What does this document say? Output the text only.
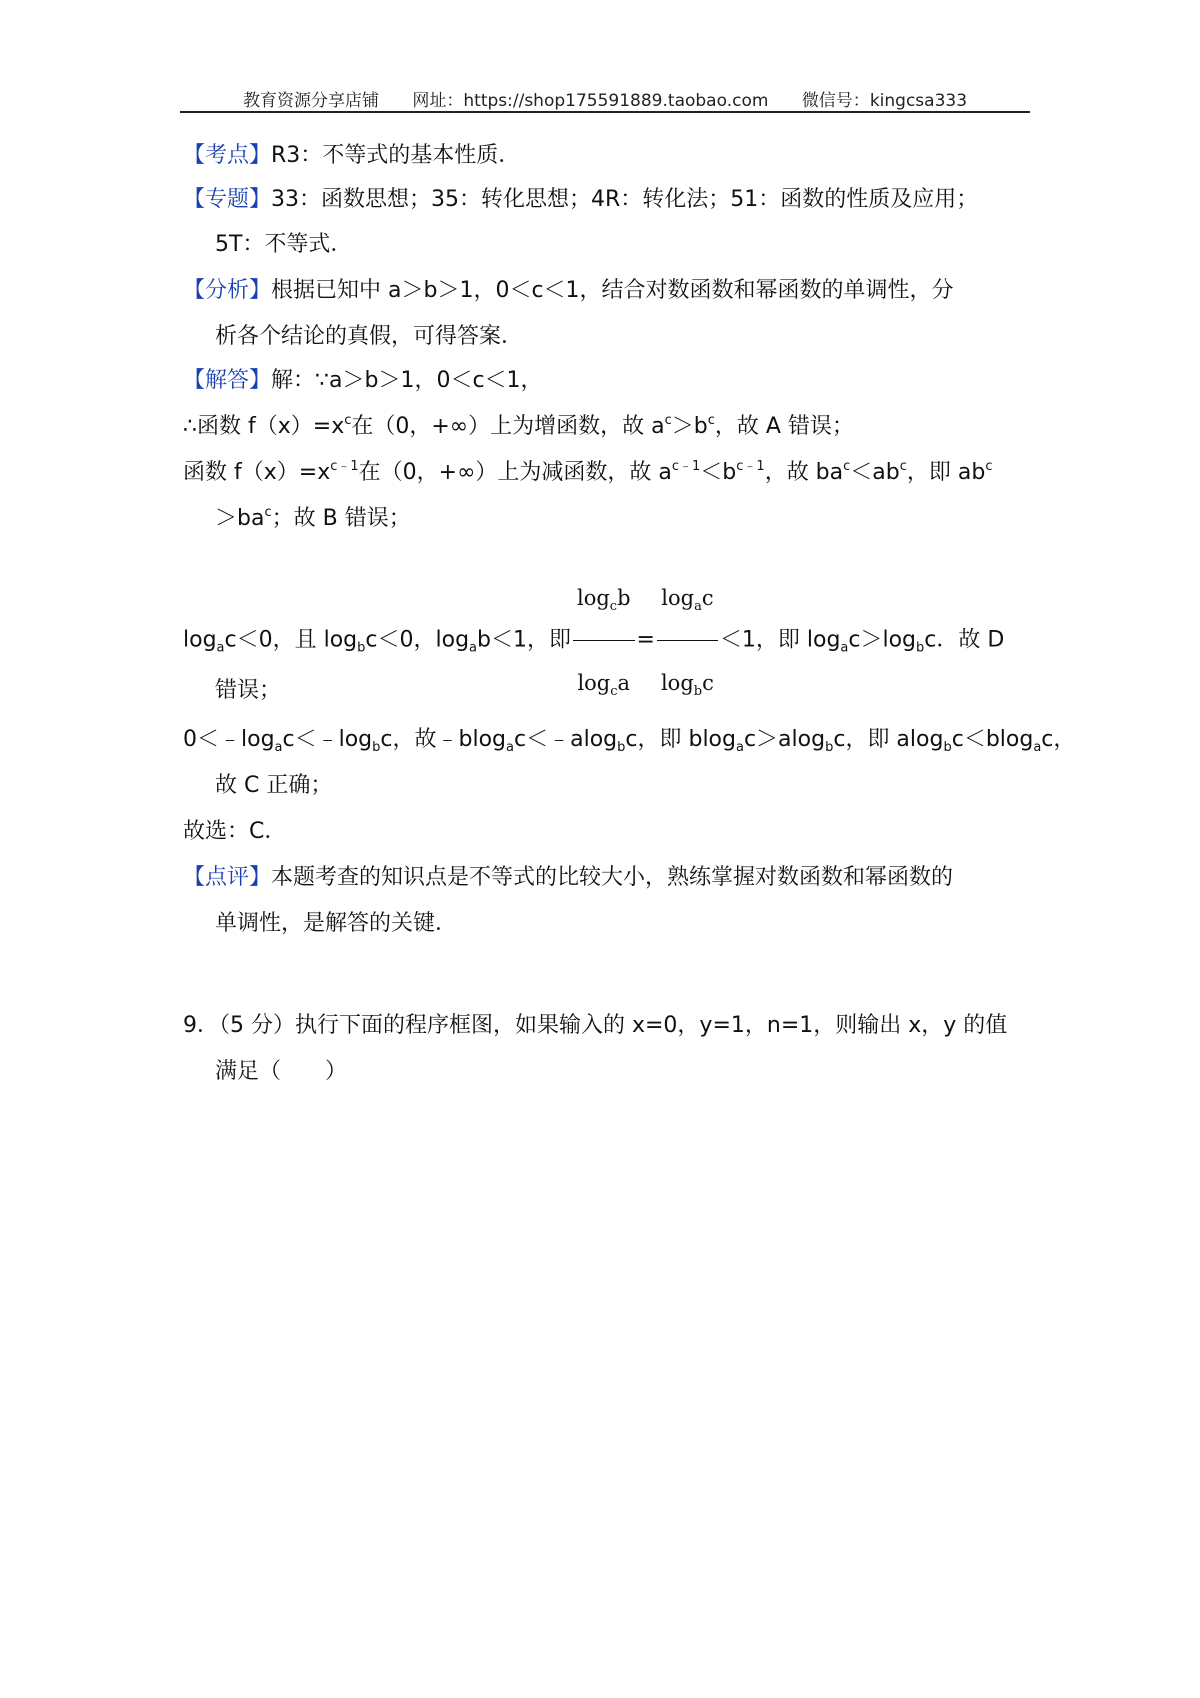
教育资源分享店铺 网址：https://shop175591889.taobao.com 微信号：kingcsa333
【考点】R3：不等式的基本性质．
【专题】33：函数思想；35：转化思想；4R：转化法；51：函数的性质及应用；
5T：不等式．
【分析】根据已知中 a＞b＞1，0＜c＜1，结合对数函数和幂函数的单调性，分
析各个结论的真假，可得答案．
【解答】解：∵a＞b＞1，0＜c＜1，
∴函数 $f(x)=x^c$在（0，+∞）上为增函数，故 $a^c>b^c$，故 A 错误；
函数 $f(x)=x^{c﹣1}$在（0，+∞）上为减函数，故 $a^{c﹣1}<b^{c﹣1}$，故 $ba^c<ab^c$，即 $ab^c$
$>ba^c$；故 B 错误；
$\log_ac<0$，且 $\log_bc<0$，$\log_ab<1$，即 $\frac{\log_cb}{\log_ca} = \frac{\log_ac}{\log_bc} <1$，即 $\log_ac>\log_bc$．故 D
错误；
$0<﹣\log_ac<﹣\log_bc$，故﹣blog$_a$c＜﹣alog$_b$c，即 blog$_a$c＞alog$_b$c，即 alog$_b$c＜blog$_a$c，
故 C 正确；
故选：C．
【点评】本题考查的知识点是不等式的比较大小，熟练掌握对数函数和幂函数的
单调性，是解答的关键．
9．（5 分）执行下面的程序框图，如果输入的 x=0，y=1，n=1，则输出 x，y 的值
满足（　　）
